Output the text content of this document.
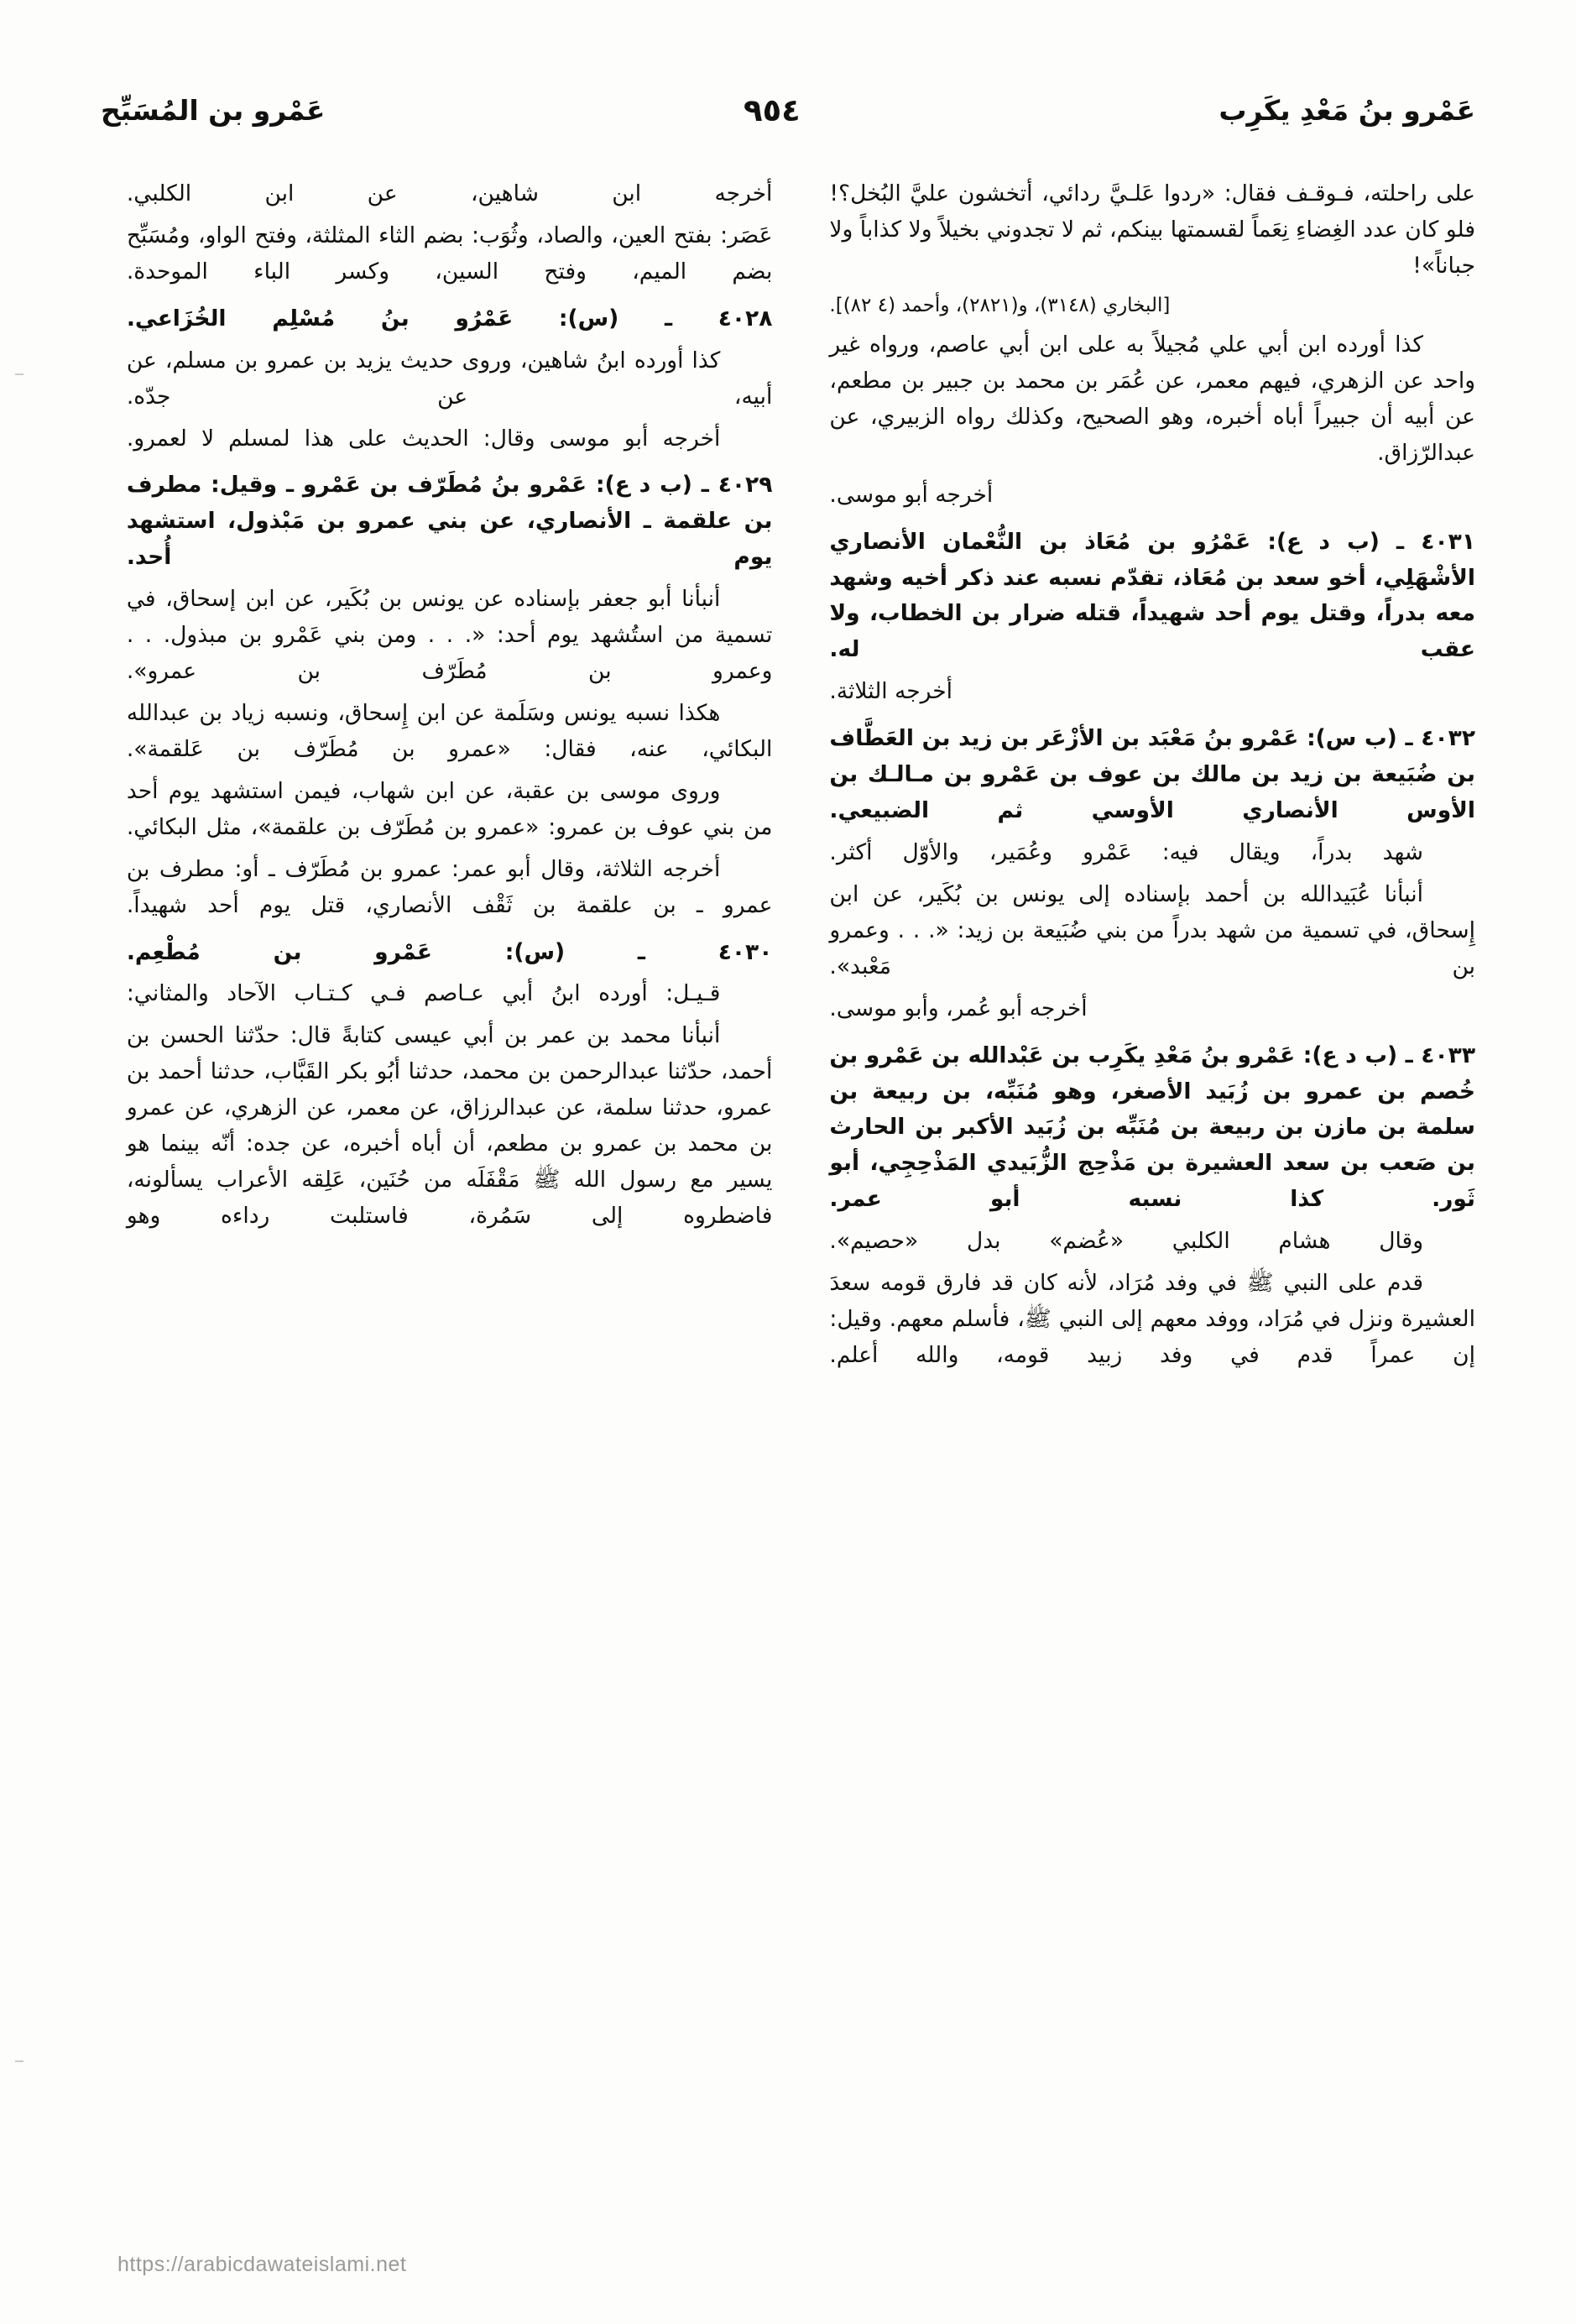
عَمْرو بنُ مَعْدِ يكَرِب
٩٥٤
عَمْرو بن المُسَبِّح

على راحلته، فـوقـف فقال: «ردوا عَلـيَّ ردائي، أتخشون عليَّ البُخل؟! فلو كان عدد الغِضاءِ نِعَماً لقسمتها بينكم، ثم لا تجدوني بخيلاً ولا كذاباً ولا جباناً»!

[البخاري (٣١٤٨)، و(٢٨٢١)، وأحمد (٤ ٨٢)].

كذا أورده ابن أبي علي مُجيلاً به على ابن أبي عاصم، ورواه غير واحد عن الزهري، فيهم معمر، عن عُمَر بن محمد بن جبير بن مطعم، عن أبيه أن جبيراً أباه أخبره، وهو الصحيح، وكذلك رواه الزبيري، عن عبدالرّزاق.

أخرجه أبو موسى.

٤٠٣١ ـ (ب د ع): عَمْرُو بن مُعَاذ بن النُّعْمان الأنصاري الأشْهَلِي، أخو سعد بن مُعَاذ، تقدّم نسبه عند ذكر أخيه وشهد معه بدراً، وقتل يوم أحد شهيداً، قتله ضرار بن الخطاب، ولا عقب له.

أخرجه الثلاثة.

٤٠٣٢ ـ (ب س): عَمْرو بنُ مَعْبَد بن الأزْعَر بن زيد بن العَطَّاف بن ضُبَيعة بن زيد بن مالك بن عوف بن عَمْرو بن مـالـك بن الأوس الأنصاري الأوسي ثم الضبيعي.

شهد بدراً، ويقال فيه: عَمْرو وعُمَير، والأوّل أكثر.

أنبأنا عُبَيدالله بن أحمد بإسناده إلى يونس بن بُكَير، عن ابن إِسحاق، في تسمية من شهد بدراً من بني ضُبَيعة بن زيد: «. . . وعمرو بن مَعْبد».

أخرجه أبو عُمر، وأبو موسى.

٤٠٣٣ ـ (ب د ع): عَمْرو بنُ مَعْدِ يكَرِب بن عَبْدالله بن عَمْرو بن خُصم بن عمرو بن زُبَيد الأصغر، وهو مُنَبِّه، بن ربيعة بن سلمة بن مازن بن ربيعة بن مُنَبِّه بن زُبَيد الأكبر بن الحارث بن صَعب بن سعد العشيرة بن مَذْحِج الزُّبَيدي المَذْحِجِي، أبو ثَور. كذا نسبه أبو عمر.

وقال هشام الكلبي «عُضم» بدل «حصيم».

قدم على النبي ﷺ في وفد مُرَاد، لأنه كان قد فارق قومه سعدَ العشيرة ونزل في مُرَاد، ووفد معهم إلى النبي ﷺ، فأسلم معهم. وقيل: إن عمراً قدم في وفد زبيد قومه، والله أعلم.

أخرجه ابن شاهين، عن ابن الكلبي.

عَصَر: بفتح العين، والصاد، وثُوَب: بضم الثاء المثلثة، وفتح الواو، ومُسَبِّح بضم الميم، وفتح السين، وكسر الباء الموحدة.

٤٠٢٨ ـ (س): عَمْرُو بنُ مُسْلِم الخُزَاعي.

كذا أورده ابنُ شاهين، وروى حديث يزيد بن عمرو بن مسلم، عن أبيه، عن جدّه.

أخرجه أبو موسى وقال: الحديث على هذا لمسلم لا لعمرو.

٤٠٢٩ ـ (ب د ع): عَمْرو بنُ مُطَرّف بن عَمْرو ـ وقيل: مطرف بن علقمة ـ الأنصاري، عن بني عمرو بن مَبْذول، استشهد يوم أُحد.

أنبأنا أبو جعفر بإسناده عن يونس بن بُكَير، عن ابن إسحاق، في تسمية من استُشهد يوم أحد: «. . . ومن بني عَمْرو بن مبذول. . . وعمرو بن مُطَرّف بن عمرو».

هكذا نسبه يونس وسَلَمة عن ابن إِسحاق، ونسبه زياد بن عبدالله البكائي، عنه، فقال: «عمرو بن مُطَرّف بن عَلقمة».

وروى موسى بن عقبة، عن ابن شهاب، فيمن استشهد يوم أحد من بني عوف بن عمرو: «عمرو بن مُطَرّف بن علقمة»، مثل البكائي.

أخرجه الثلاثة، وقال أبو عمر: عمرو بن مُطَرّف ـ أو: مطرف بن عمرو ـ بن علقمة بن ثَقْف الأنصاري، قتل يوم أحد شهيداً.

٤٠٣٠ ـ (س): عَمْرو بن مُطْعِم.

قـيـل: أورده ابنُ أبي عـاصم فـي كـتـاب الآحاد والمثاني:

أنبأنا محمد بن عمر بن أبي عيسى كتابةً قال: حدّثنا الحسن بن أحمد، حدّثنا عبدالرحمن بن محمد، حدثنا أبُو بكر القَبَّاب، حدثنا أحمد بن عمرو، حدثنا سلمة، عن عبدالرزاق، عن معمر، عن الزهري، عن عمرو بن محمد بن عمرو بن مطعم، أن أباه أخبره، عن جده: أنّه بينما هو يسير مع رسول الله ﷺ مَقْفَلَه من حُنَين، عَلِقه الأعراب يسألونه، فاضطروه إلى سَمُرة، فاستلبت رداءه وهو

https://arabicdawateislami.net
